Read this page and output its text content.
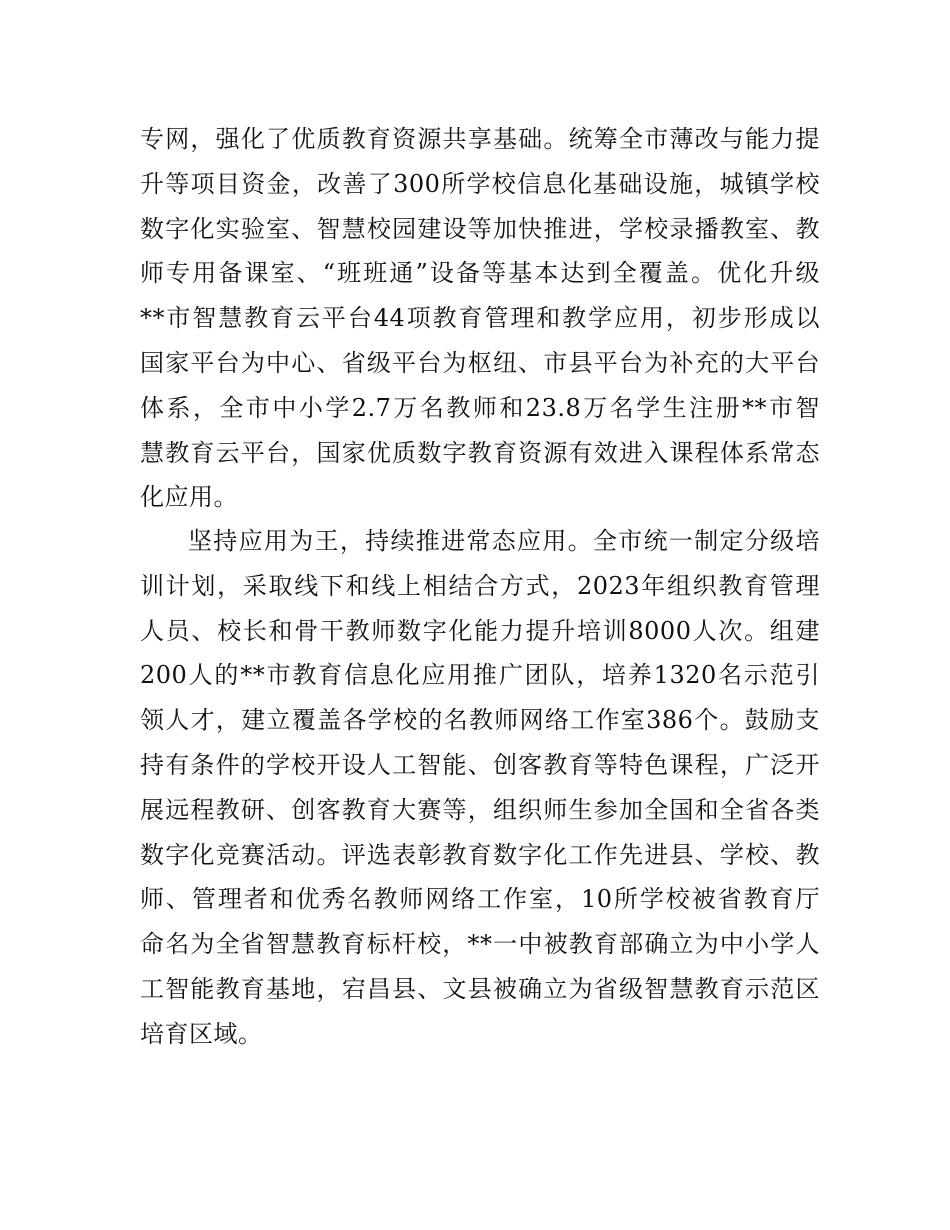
专网，强化了优质教育资源共享基础。统筹全市薄改与能力提
升等项目资金，改善了300所学校信息化基础设施，城镇学校
数字化实验室、智慧校园建设等加快推进，学校录播教室、教
师专用备课室、“班班通”设备等基本达到全覆盖。优化升级
**市智慧教育云平台44项教育管理和教学应用，初步形成以
国家平台为中心、省级平台为枢纽、市县平台为补充的大平台
体系，全市中小学2.7万名教师和23.8万名学生注册**市智
慧教育云平台，国家优质数字教育资源有效进入课程体系常态
化应用。
坚持应用为王，持续推进常态应用。全市统一制定分级培
训计划，采取线下和线上相结合方式，2023年组织教育管理
人员、校长和骨干教师数字化能力提升培训8000人次。组建
200人的**市教育信息化应用推广团队，培养1320名示范引
领人才，建立覆盖各学校的名教师网络工作室386个。鼓励支
持有条件的学校开设人工智能、创客教育等特色课程，广泛开
展远程教研、创客教育大赛等，组织师生参加全国和全省各类
数字化竞赛活动。评选表彰教育数字化工作先进县、学校、教
师、管理者和优秀名教师网络工作室，10所学校被省教育厅
命名为全省智慧教育标杆校，**一中被教育部确立为中小学人
工智能教育基地，宕昌县、文县被确立为省级智慧教育示范区
培育区域。
